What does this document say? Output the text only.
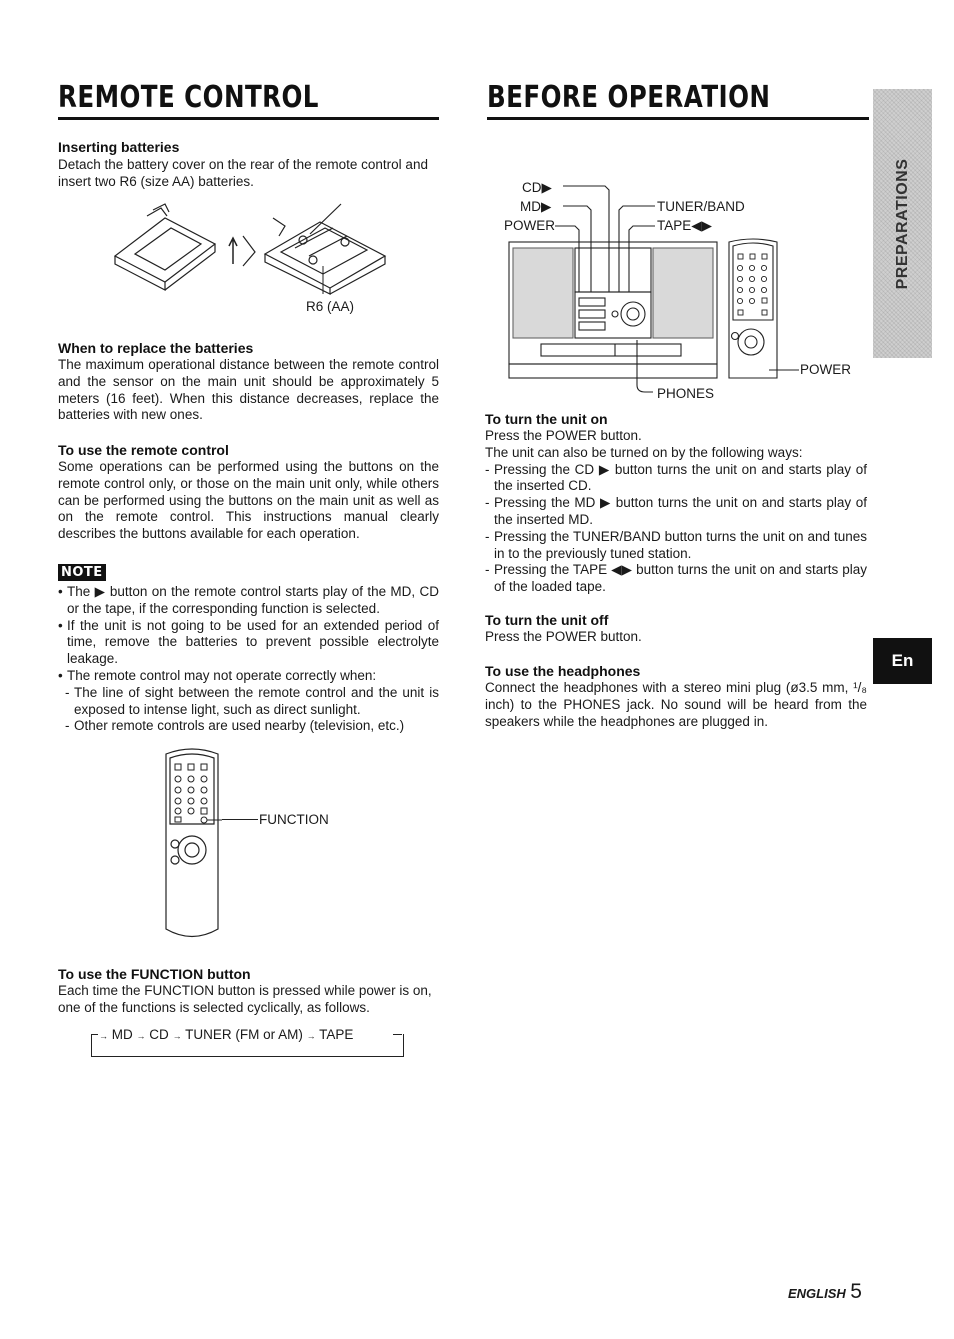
REMOTE CONTROL
Inserting batteries
Detach the battery cover on the rear of the remote control and insert two R6 (size AA) batteries.
R6 (AA)
When to replace the batteries
The maximum operational distance between the remote control and the sensor on the main unit should be approximately 5 meters (16 feet). When this distance decreases, replace the batteries with new ones.
To use the remote control
Some operations can be performed using the buttons on the remote control only, or those on the main unit only, while others can be performed using the buttons on the main unit as well as on the remote control. This instructions manual clearly describes the buttons available for each operation.
NOTE
• The ▶ button on the remote control starts play of the MD, CD or the tape, if the corresponding function is selected.
• If the unit is not going to be used for an extended period of time, remove the batteries to prevent possible electrolyte leakage.
• The remote control may not operate correctly when:
- The line of sight between the remote control and the unit is exposed to intense light, such as direct sunlight.
- Other remote controls are used nearby (television, etc.)
FUNCTION
To use the FUNCTION button
Each time the FUNCTION button is pressed while power is on, one of the functions is selected cyclically, as follows.
→ MD → CD → TUNER (FM or AM) → TAPE
BEFORE OPERATION
CD▶
MD▶
POWER
TUNER/BAND
TAPE◀▶
PHONES
POWER
To turn the unit on
Press the POWER button.
The unit can also be turned on by the following ways:
- Pressing the CD ▶ button turns the unit on and starts play of the inserted CD.
- Pressing the MD ▶ button turns the unit on and starts play of the inserted MD.
- Pressing the TUNER/BAND button turns the unit on and tunes in to the previously tuned station.
- Pressing the TAPE ◀▶ button turns the unit on and starts play of the loaded tape.
To turn the unit off
Press the POWER button.
To use the headphones
Connect the headphones with a stereo mini plug (ø3.5 mm, ¹/₈ inch) to the PHONES jack. No sound will be heard from the speakers while the headphones are plugged in.
PREPARATIONS
En
ENGLISH 5
